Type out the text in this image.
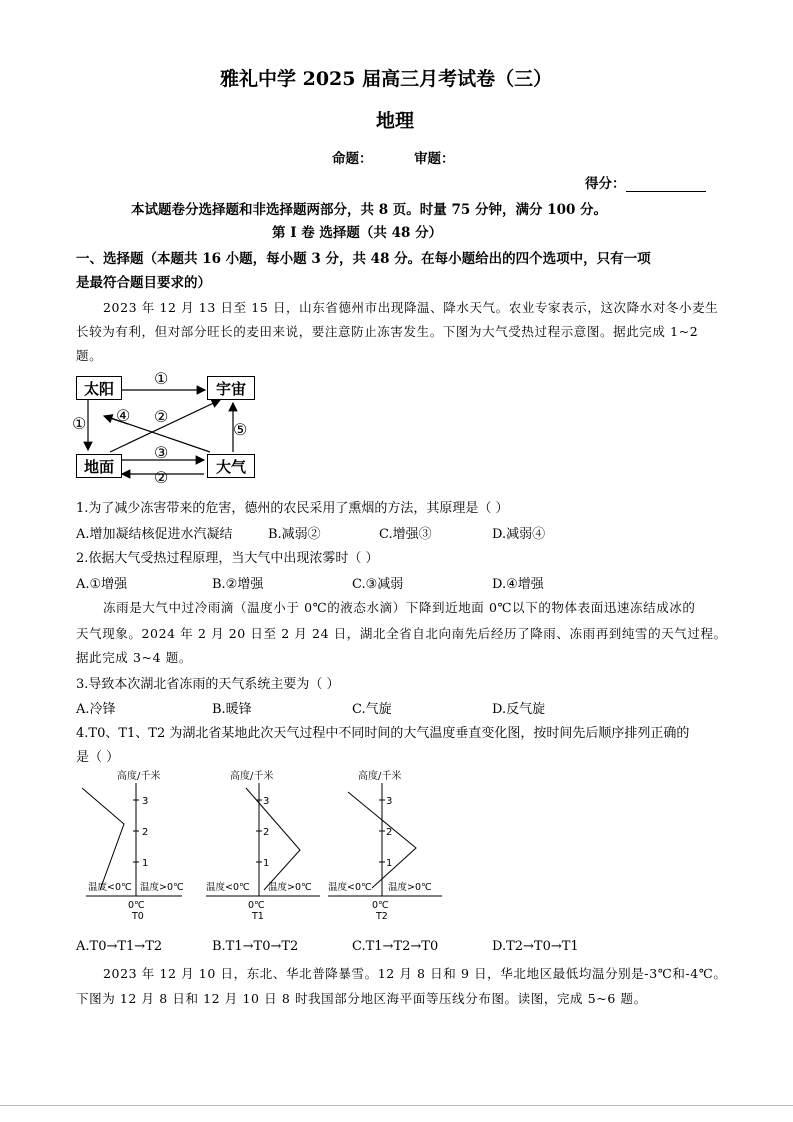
雅礼中学 2025 届高三月考试卷（三）
地理
命题：	审题：
得分：
本试题卷分选择题和非选择题两部分，共 8 页。时量 75 分钟，满分 100 分。
第 I 卷 选择题（共 48 分）
一、选择题（本题共 16 小题，每小题 3 分，共 48 分。在每小题给出的四个选项中，只有一项
是最符合题目要求的）
2023 年 12 月 13 日至 15 日，山东省德州市出现降温、降水天气。农业专家表示，这次降水对冬小麦生
长较为有利，但对部分旺长的麦田来说，要注意防止冻害发生。下图为大气受热过程示意图。据此完成 1~2
题。
太阳	宇宙
地面	大气
①
① ④ ②
③
②
⑤
1.为了减少冻害带来的危害，德州的农民采用了熏烟的方法，其原理是（ ）
A.增加凝结核促进水汽凝结	B.减弱②	C.增强③	D.减弱④
2.依据大气受热过程原理，当大气中出现浓雾时（ ）
A.①增强	B.②增强	C.③减弱	D.④增强
冻雨是大气中过冷雨滴（温度小于 0℃的液态水滴）下降到近地面 0℃以下的物体表面迅速冻结成冰的
天气现象。2024 年 2 月 20 日至 2 月 24 日，湖北全省自北向南先后经历了降雨、冻雨再到纯雪的天气过程。
据此完成 3~4 题。
3.导致本次湖北省冻雨的天气系统主要为（ ）
A.冷锋	B.暖锋	C.气旋	D.反气旋
4.T0、T1、T2 为湖北省某地此次天气过程中不同时间的大气温度垂直变化图，按时间先后顺序排列正确的
是（ ）
高度/千米
3
2
1
温度<0℃ 温度>0℃
0℃
T0
高度/千米
3
2
1
温度<0℃ 温度>0℃
0℃
T1
高度/千米
3
2
1
温度<0℃ 温度>0℃
0℃
T2
A.T0→T1→T2	B.T1→T0→T2	C.T1→T2→T0	D.T2→T0→T1
2023 年 12 月 10 日，东北、华北普降暴雪。12 月 8 日和 9 日，华北地区最低均温分别是-3℃和-4℃。
下图为 12 月 8 日和 12 月 10 日 8 时我国部分地区海平面等压线分布图。读图，完成 5~6 题。
